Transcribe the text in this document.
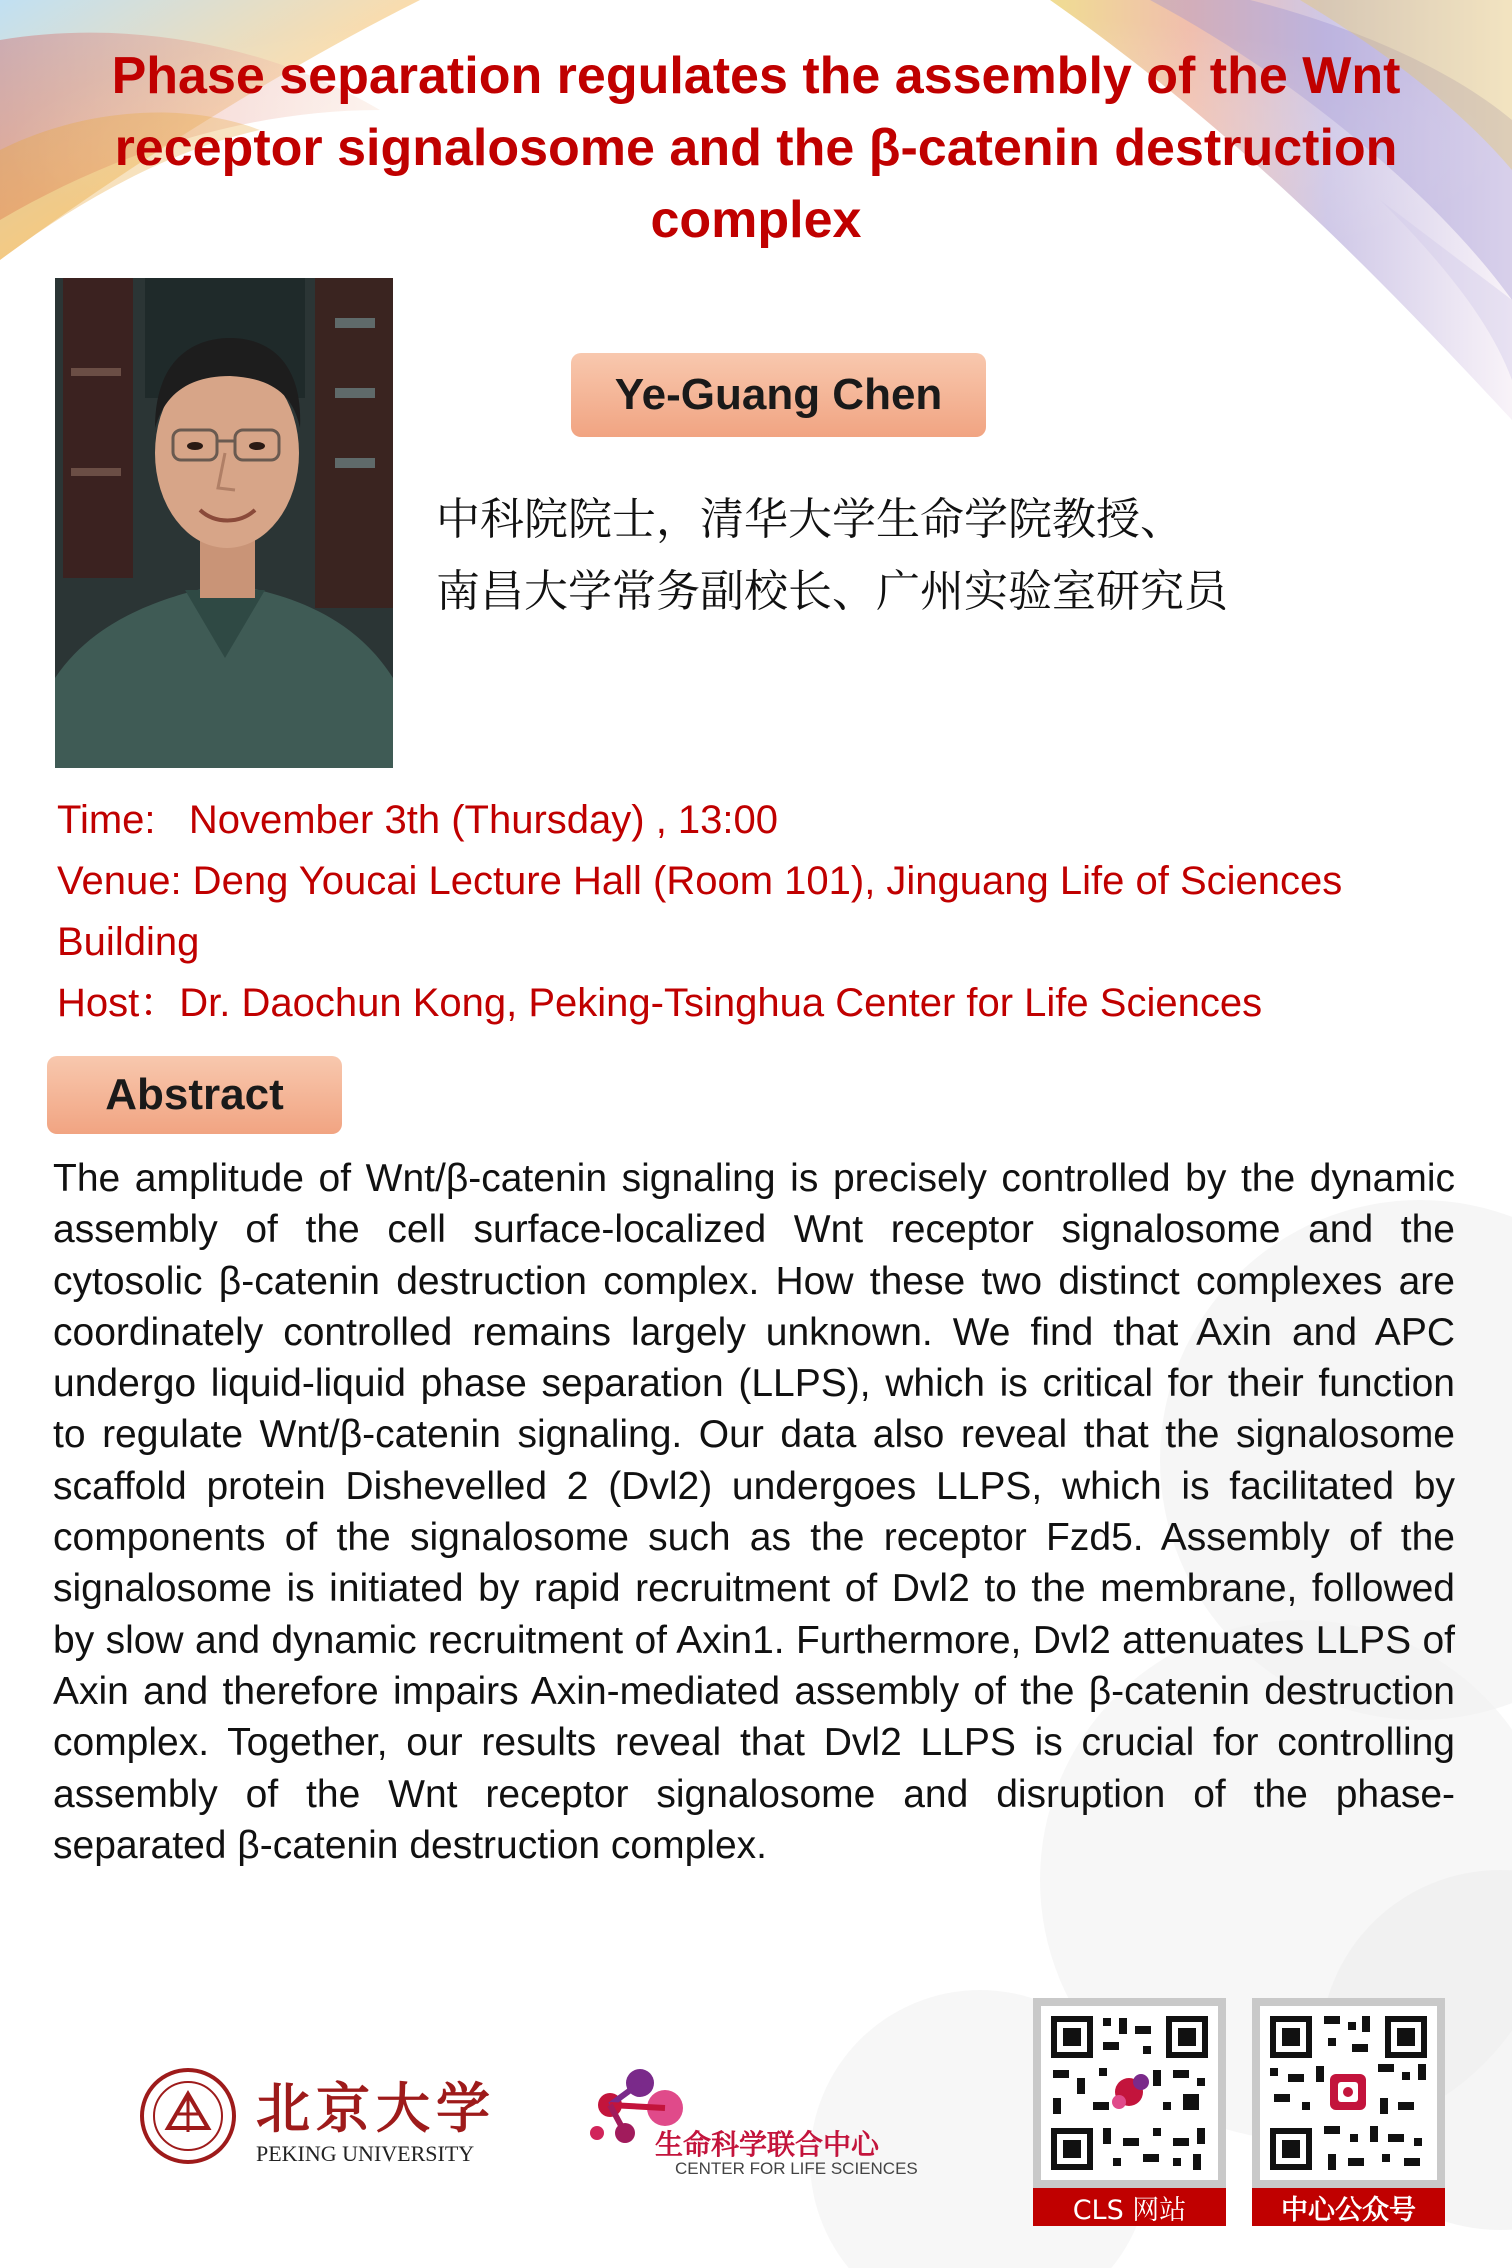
Phase separation regulates the assembly of the Wnt receptor signalosome and the β-catenin destruction complex
Ye-Guang Chen
中科院院士，清华大学生命学院教授、
南昌大学常务副校长、广州实验室研究员
Time:   November 3th (Thursday) , 13:00
Venue: Deng Youcai Lecture Hall (Room 101), Jinguang Life of Sciences Building
Host：Dr. Daochun Kong, Peking-Tsinghua Center for Life Sciences
Abstract
The amplitude of Wnt/β-catenin signaling is precisely controlled by the dynamic assembly of the cell surface-localized Wnt receptor signalosome and the cytosolic β-catenin destruction complex. How these two distinct complexes are coordinately controlled remains largely unknown. We find that Axin and APC undergo liquid-liquid phase separation (LLPS), which is critical for their function to regulate Wnt/β-catenin signaling. Our data also reveal that the signalosome scaffold protein Dishevelled 2 (Dvl2) undergoes LLPS, which is facilitated by components of the signalosome such as the receptor Fzd5. Assembly of the signalosome is initiated by rapid recruitment of Dvl2 to the membrane, followed by slow and dynamic recruitment of Axin1. Furthermore, Dvl2 attenuates LLPS of Axin and therefore impairs Axin-mediated assembly of the β-catenin destruction complex. Together, our results reveal that Dvl2 LLPS is crucial for controlling assembly of the Wnt receptor signalosome and disruption of the phase-separated β-catenin destruction complex.
北京大学
PEKING UNIVERSITY	生命科学联合中心
CENTER FOR LIFE SCIENCES
CLS 网站	中心公众号
